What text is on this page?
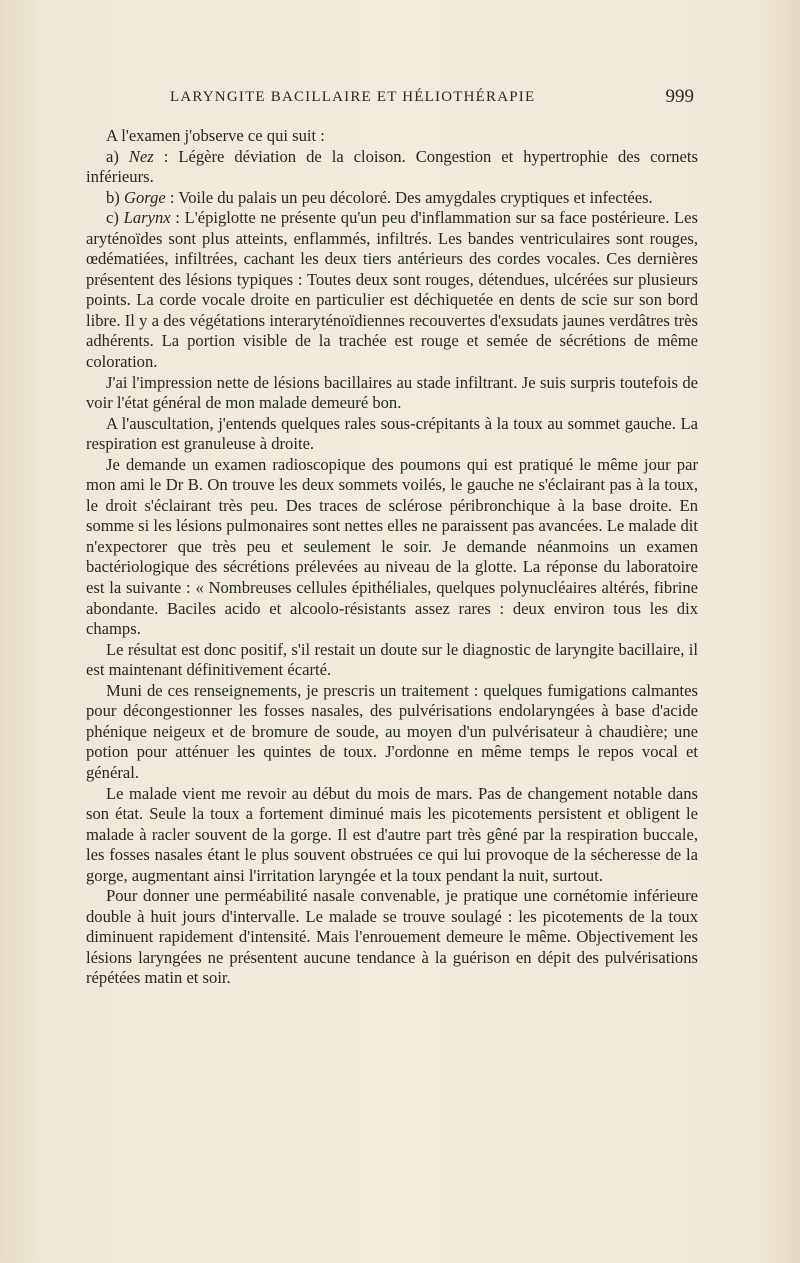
LARYNGITE BACILLAIRE ET HÉLIOTHÉRAPIE	999

A l'examen j'observe ce qui suit :

a) Nez : Légère déviation de la cloison. Congestion et hypertrophie des cornets inférieurs.

b) Gorge : Voile du palais un peu décoloré. Des amygdales cryptiques et infectées.

c) Larynx : L'épiglotte ne présente qu'un peu d'inflammation sur sa face postérieure. Les aryténoïdes sont plus atteints, enflammés, infiltrés. Les bandes ventriculaires sont rouges, œdématiées, infiltrées, cachant les deux tiers antérieurs des cordes vocales. Ces dernières présentent des lésions typiques : Toutes deux sont rouges, détendues, ulcérées sur plusieurs points. La corde vocale droite en particulier est déchiquetée en dents de scie sur son bord libre. Il y a des végétations interaryténoïdiennes recouvertes d'exsudats jaunes verdâtres très adhérents. La portion visible de la trachée est rouge et semée de sécrétions de même coloration.

J'ai l'impression nette de lésions bacillaires au stade infiltrant. Je suis surpris toutefois de voir l'état général de mon malade demeuré bon.

A l'auscultation, j'entends quelques rales sous-crépitants à la toux au sommet gauche. La respiration est granuleuse à droite.

Je demande un examen radioscopique des poumons qui est pratiqué le même jour par mon ami le Dr B. On trouve les deux sommets voilés, le gauche ne s'éclairant pas à la toux, le droit s'éclairant très peu. Des traces de sclérose péribronchique à la base droite. En somme si les lésions pulmonaires sont nettes elles ne paraissent pas avancées. Le malade dit n'expectorer que très peu et seulement le soir. Je demande néanmoins un examen bactériologique des sécrétions prélevées au niveau de la glotte. La réponse du laboratoire est la suivante : « Nombreuses cellules épithéliales, quelques polynucléaires altérés, fibrine abondante. Baciles acido et alcoolo-résistants assez rares : deux environ tous les dix champs.

Le résultat est donc positif, s'il restait un doute sur le diagnostic de laryngite bacillaire, il est maintenant définitivement écarté.

Muni de ces renseignements, je prescris un traitement : quelques fumigations calmantes pour décongestionner les fosses nasales, des pulvérisations endolaryngées à base d'acide phénique neigeux et de bromure de soude, au moyen d'un pulvérisateur à chaudière; une potion pour atténuer les quintes de toux. J'ordonne en même temps le repos vocal et général.

Le malade vient me revoir au début du mois de mars. Pas de changement notable dans son état. Seule la toux a fortement diminué mais les picotements persistent et obligent le malade à racler souvent de la gorge. Il est d'autre part très gêné par la respiration buccale, les fosses nasales étant le plus souvent obstruées ce qui lui provoque de la sécheresse de la gorge, augmentant ainsi l'irritation laryngée et la toux pendant la nuit, surtout.

Pour donner une perméabilité nasale convenable, je pratique une cornétomie inférieure double à huit jours d'intervalle. Le malade se trouve soulagé : les picotements de la toux diminuent rapidement d'intensité. Mais l'enrouement demeure le même. Objectivement les lésions laryngées ne présentent aucune tendance à la guérison en dépit des pulvérisations répétées matin et soir.
